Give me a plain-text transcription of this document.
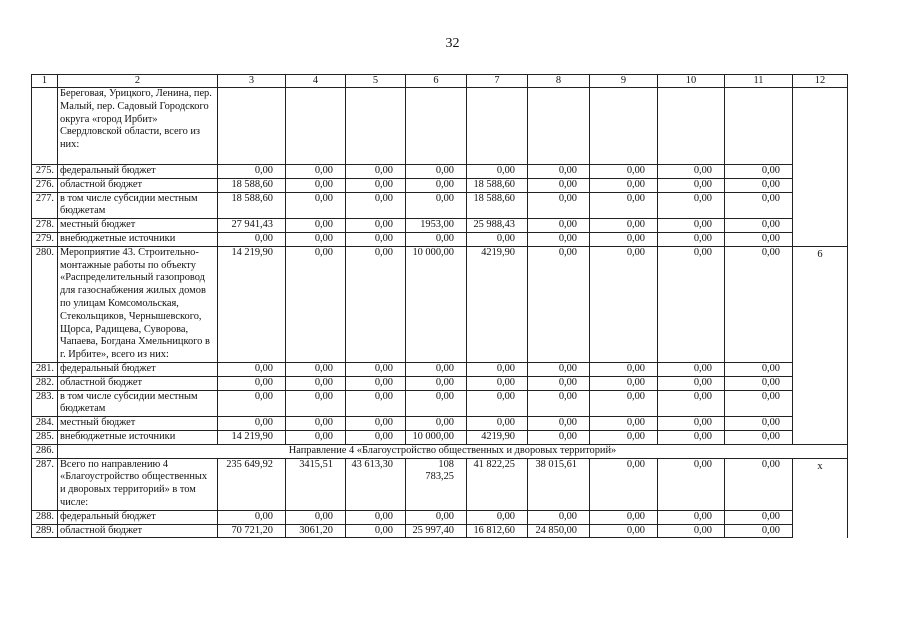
32
1	2	3	4	5	6	7	8	9	10	11	12
	Береговая, Урицкого, Ленина, пер. Малый, пер. Садовый Городского округа «город Ирбит» Свердловской области, всего из них:										
275.	федеральный бюджет	0,00	0,00	0,00	0,00	0,00	0,00	0,00	0,00	0,00	
276.	областной бюджет	18 588,60	0,00	0,00	0,00	18 588,60	0,00	0,00	0,00	0,00	
277.	в том числе субсидии местным бюджетам	18 588,60	0,00	0,00	0,00	18 588,60	0,00	0,00	0,00	0,00	
278.	местный бюджет	27 941,43	0,00	0,00	1953,00	25 988,43	0,00	0,00	0,00	0,00	
279.	внебюджетные источники	0,00	0,00	0,00	0,00	0,00	0,00	0,00	0,00	0,00	
280.	Мероприятие 43. Строительно-монтажные работы по объекту «Распределительный газопровод для газоснабжения жилых домов по улицам Комсомольская, Стекольщиков, Чернышевского, Щорса, Радищева, Суворова, Чапаева, Богдана Хмельницкого в г. Ирбите», всего из них:	14 219,90	0,00	0,00	10 000,00	4219,90	0,00	0,00	0,00	0,00	6
281.	федеральный бюджет	0,00	0,00	0,00	0,00	0,00	0,00	0,00	0,00	0,00	
282.	областной бюджет	0,00	0,00	0,00	0,00	0,00	0,00	0,00	0,00	0,00	
283.	в том числе субсидии местным бюджетам	0,00	0,00	0,00	0,00	0,00	0,00	0,00	0,00	0,00	
284.	местный бюджет	0,00	0,00	0,00	0,00	0,00	0,00	0,00	0,00	0,00	
285.	внебюджетные источники	14 219,90	0,00	0,00	10 000,00	4219,90	0,00	0,00	0,00	0,00	
286.	Направление 4 «Благоустройство общественных и дворовых территорий»										
287.	Всего по направлению 4 «Благоустройство общественных и дворовых территорий» в том числе:	235 649,92	3415,51	43 613,30	108 783,25	41 822,25	38 015,61	0,00	0,00	0,00	x
288.	федеральный бюджет	0,00	0,00	0,00	0,00	0,00	0,00	0,00	0,00	0,00	
289.	областной бюджет	70 721,20	3061,20	0,00	25 997,40	16 812,60	24 850,00	0,00	0,00	0,00	
